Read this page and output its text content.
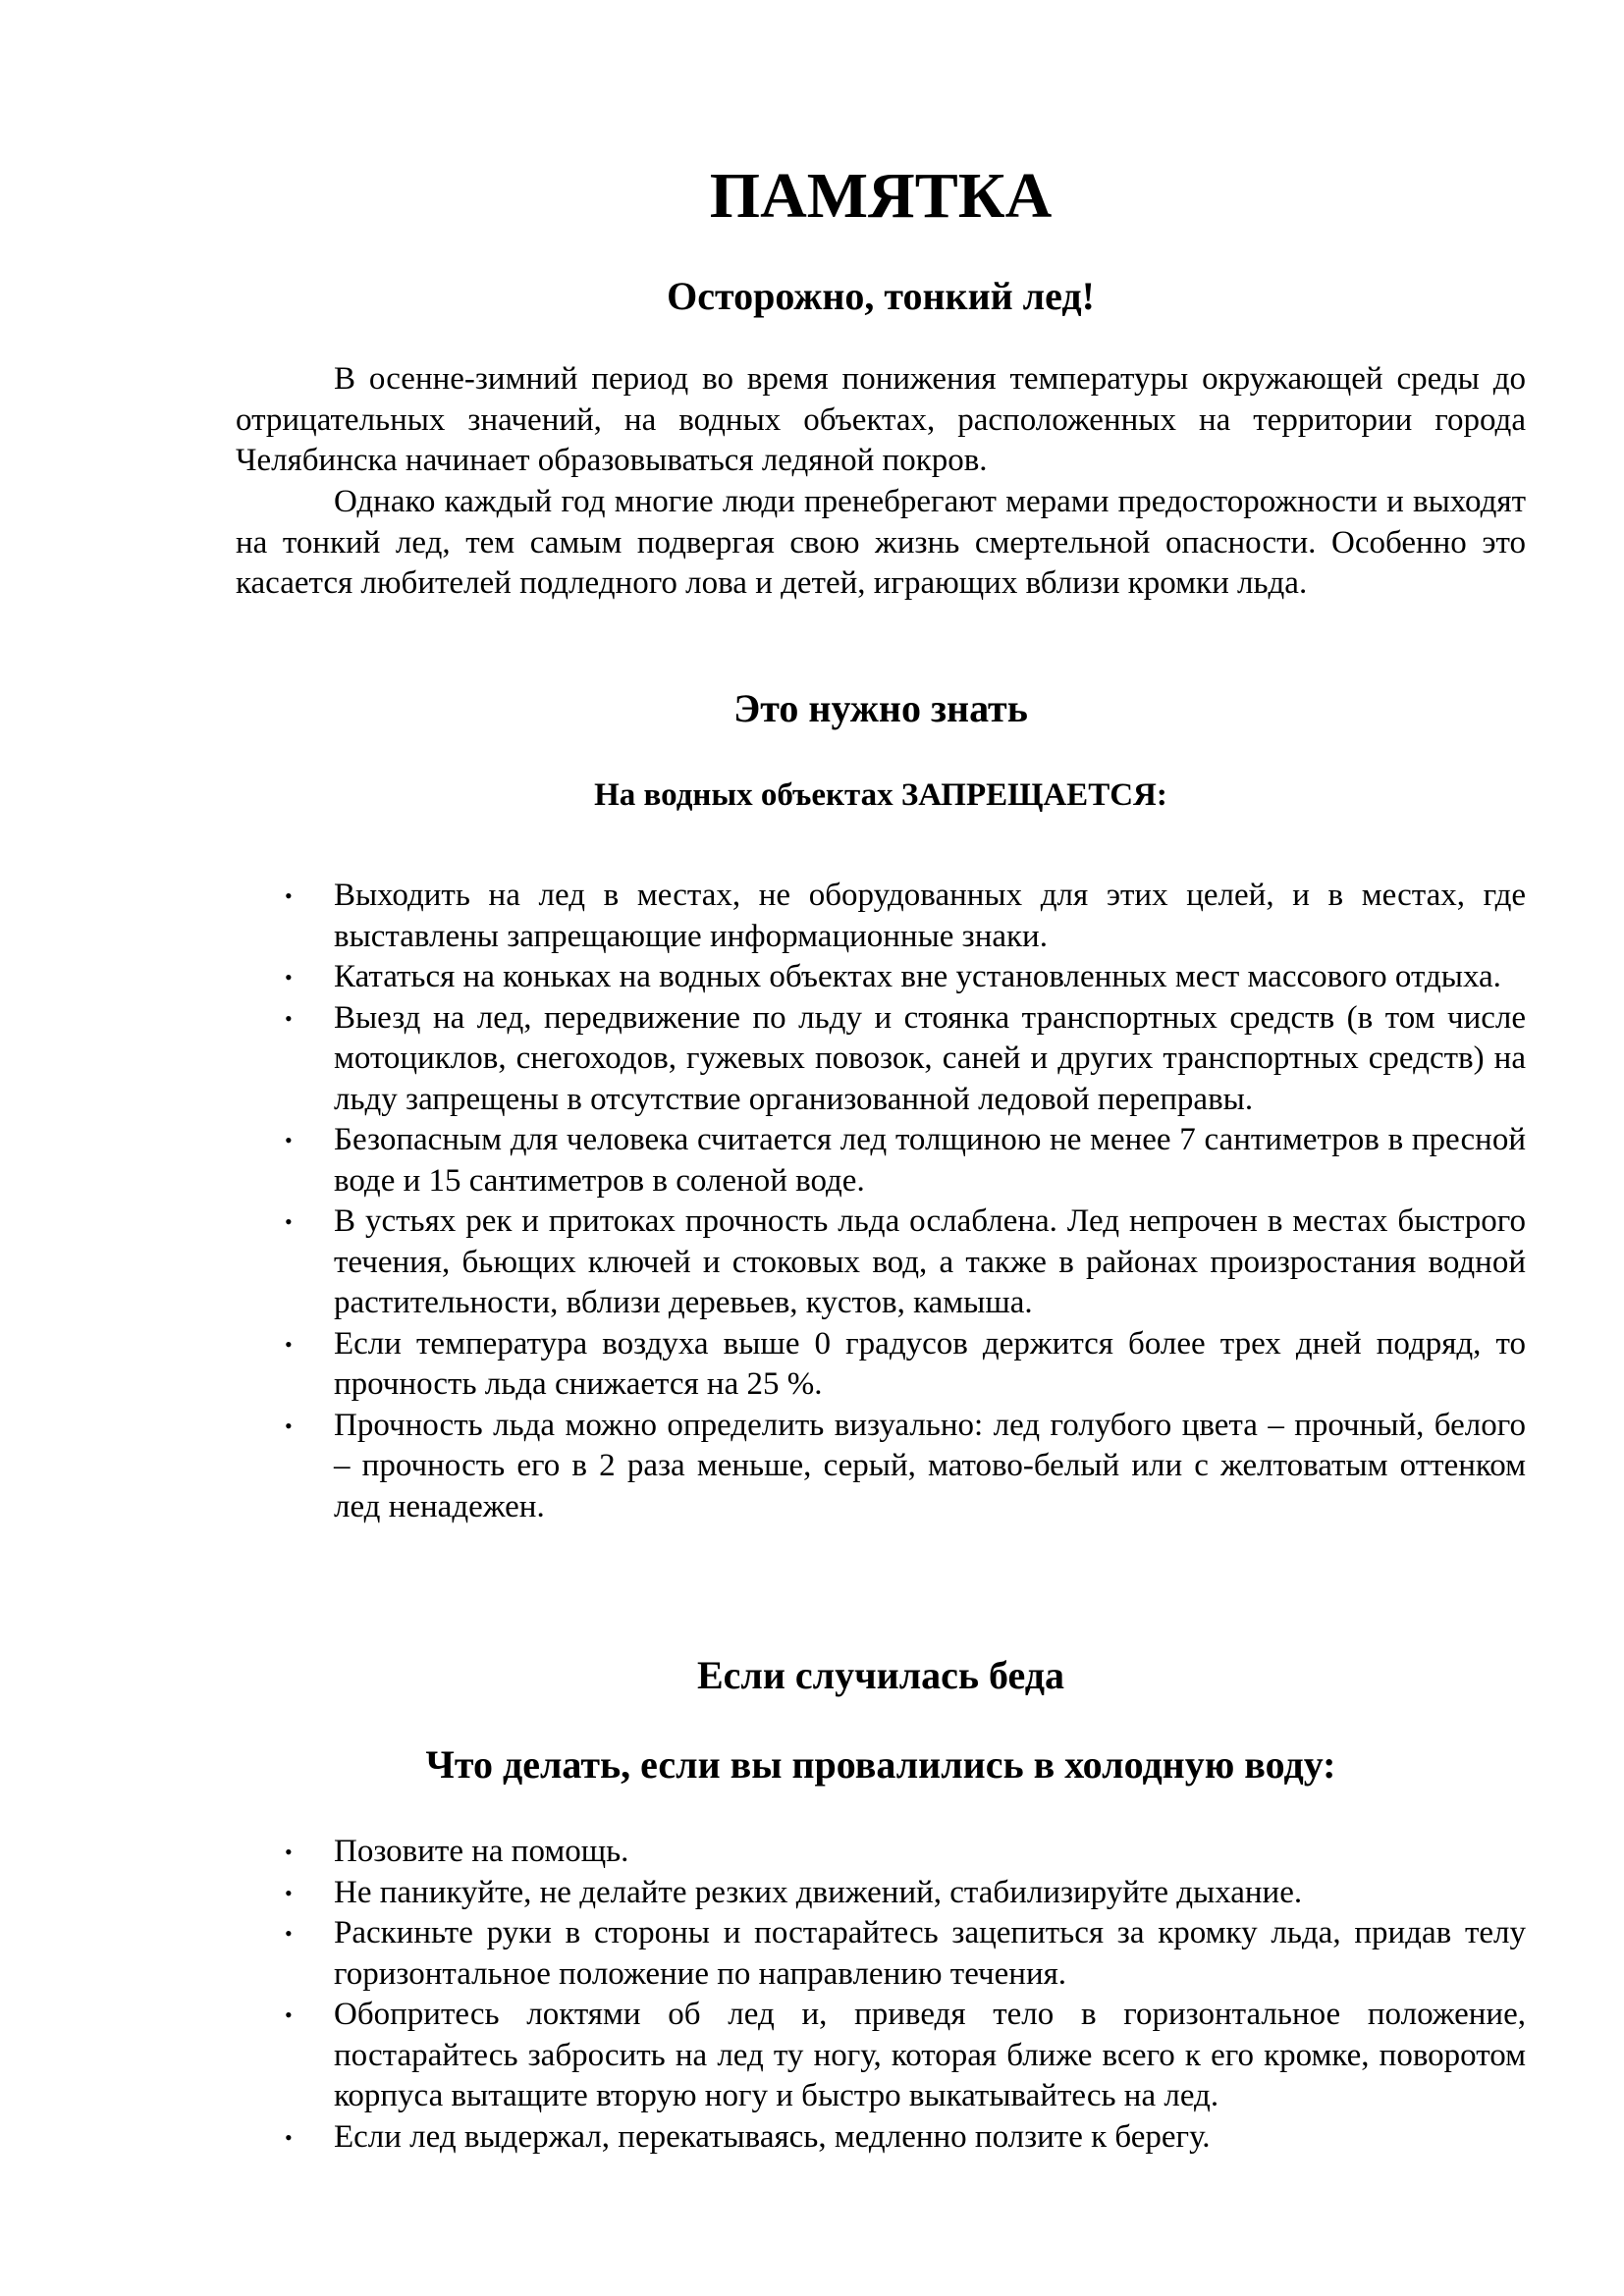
ПАМЯТКА
Осторожно, тонкий лед!

В осенне-зимний период во время понижения температуры окружающей среды до отрицательных значений, на водных объектах, расположенных на территории города Челябинска начинает образовываться ледяной покров.

Однако каждый год многие люди пренебрегают мерами предосторожности и выходят на тонкий лед, тем самым подвергая свою жизнь смертельной опасности. Особенно это касается любителей подледного лова и детей, играющих вблизи кромки льда.

Это нужно знать
На водных объектах ЗАПРЕЩАЕТСЯ:
• Выходить на лед в местах, не оборудованных для этих целей, и в местах, где выставлены запрещающие информационные знаки.
• Кататься на коньках на водных объектах вне установленных мест массового отдыха.
• Выезд на лед, передвижение по льду и стоянка транспортных средств (в том числе мотоциклов, снегоходов, гужевых повозок, саней и других транспортных средств) на льду запрещены в отсутствие организованной ледовой переправы.
• Безопасным для человека считается лед толщиною не менее 7 сантиметров в пресной воде и 15 сантиметров в соленой воде.
• В устьях рек и притоках прочность льда ослаблена. Лед непрочен в местах быстрого течения, бьющих ключей и стоковых вод, а также в районах произростания водной растительности, вблизи деревьев, кустов, камыша.
• Если температура воздуха выше 0 градусов держится более трех дней подряд, то прочность льда снижается на 25 %.
• Прочность льда можно определить визуально: лед голубого цвета – прочный, белого – прочность его в 2 раза меньше, серый, матово-белый или с желтоватым оттенком лед ненадежен.
Если случилась беда
Что делать, если вы провалились в холодную воду:
• Позовите на помощь.
• Не паникуйте, не делайте резких движений, стабилизируйте дыхание.
• Раскиньте руки в стороны и постарайтесь зацепиться за кромку льда, придав телу горизонтальное положение по направлению течения.
• Обопритесь локтями об лед и, приведя тело в горизонтальное положение, постарайтесь забросить на лед ту ногу, которая ближе всего к его кромке, поворотом корпуса вытащите вторую ногу и быстро выкатывайтесь на лед.
• Если лед выдержал, перекатываясь, медленно ползите к берегу.
